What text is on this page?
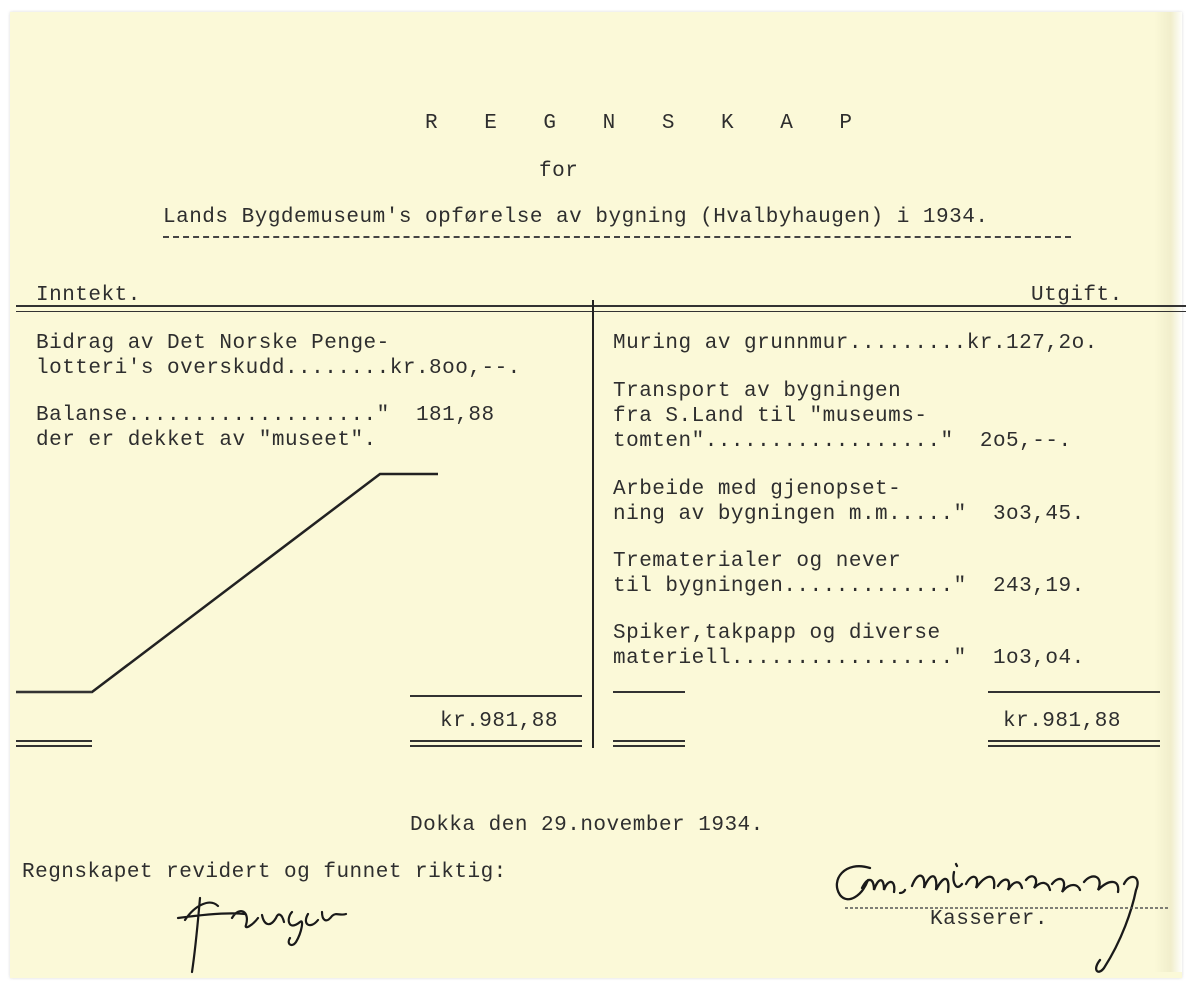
R E G N S K A P
for
Lands Bygdemuseum's opførelse av bygning (Hvalbyhaugen) i 1934.
Inntekt.	Utgift.
Bidrag av Det Norske Penge-
lotteri's overskudd........kr.8oo,--.
Balanse..................."  181,88
der er dekket av "museet".
Muring av grunnmur.........kr.127,2o.
Transport av bygningen
fra S.Land til "museums-
tomten".................."  2o5,--.
Arbeide med gjenopset-
ning av bygningen m.m....."  3o3,45.
Trematerialer og never
til bygningen............."  243,19.
Spiker,takpapp og diverse
materiell................."  1o3,o4.
kr.981,88	kr.981,88
Dokka den 29.november 1934.
Regnskapet revidert og funnet riktig:
Kasserer.
